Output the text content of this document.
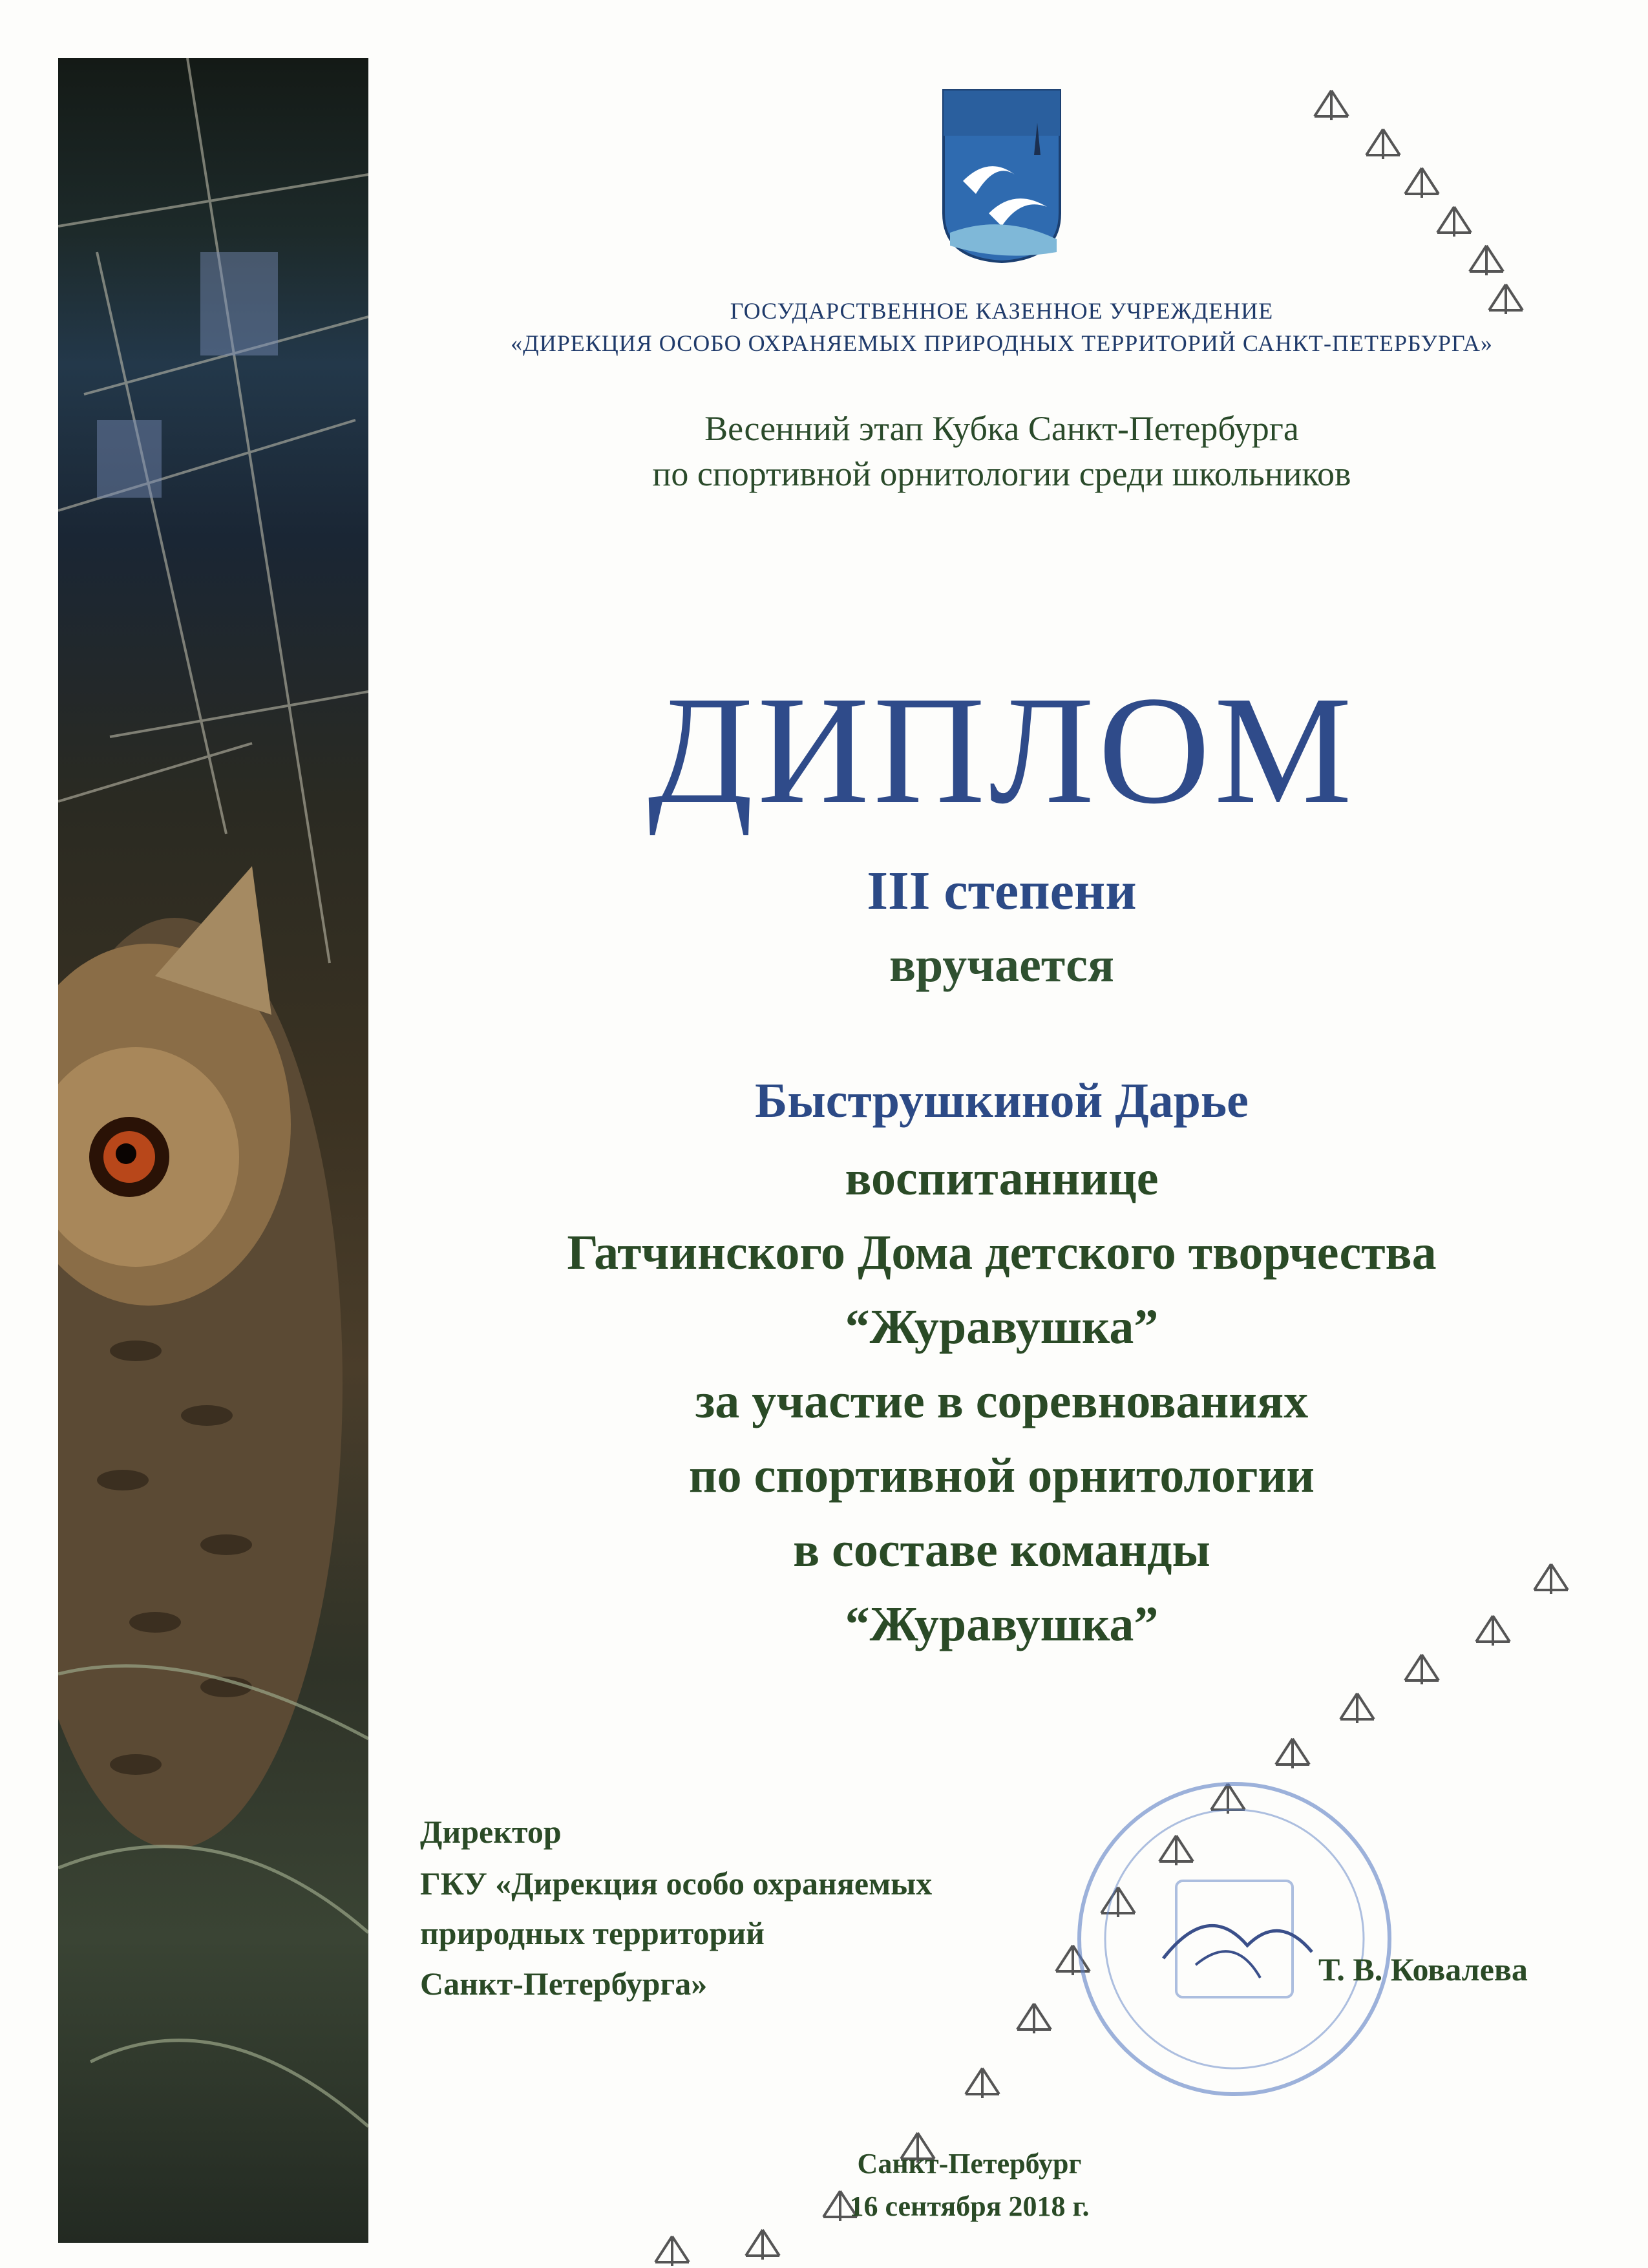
ГОСУДАРСТВЕННОЕ КАЗЕННОЕ УЧРЕЖДЕНИЕ
«ДИРЕКЦИЯ ОСОБО ОХРАНЯЕМЫХ ПРИРОДНЫХ ТЕРРИТОРИЙ САНКТ-ПЕТЕРБУРГА»
Весенний этап Кубка Санкт-Петербурга
по спортивной орнитологии среди школьников
ДИПЛОМ
III степени
вручается
Быструшкиной Дарье
воспитаннице
Гатчинского Дома детского творчества
“Журавушка”
за участие в соревнованиях
по спортивной орнитологии
в составе команды
“Журавушка”
Директор
ГКУ «Дирекция особо охраняемых
природных территорий
Санкт-Петербурга»	Т. В. Ковалева
Санкт-Петербург
16 сентября 2018 г.
